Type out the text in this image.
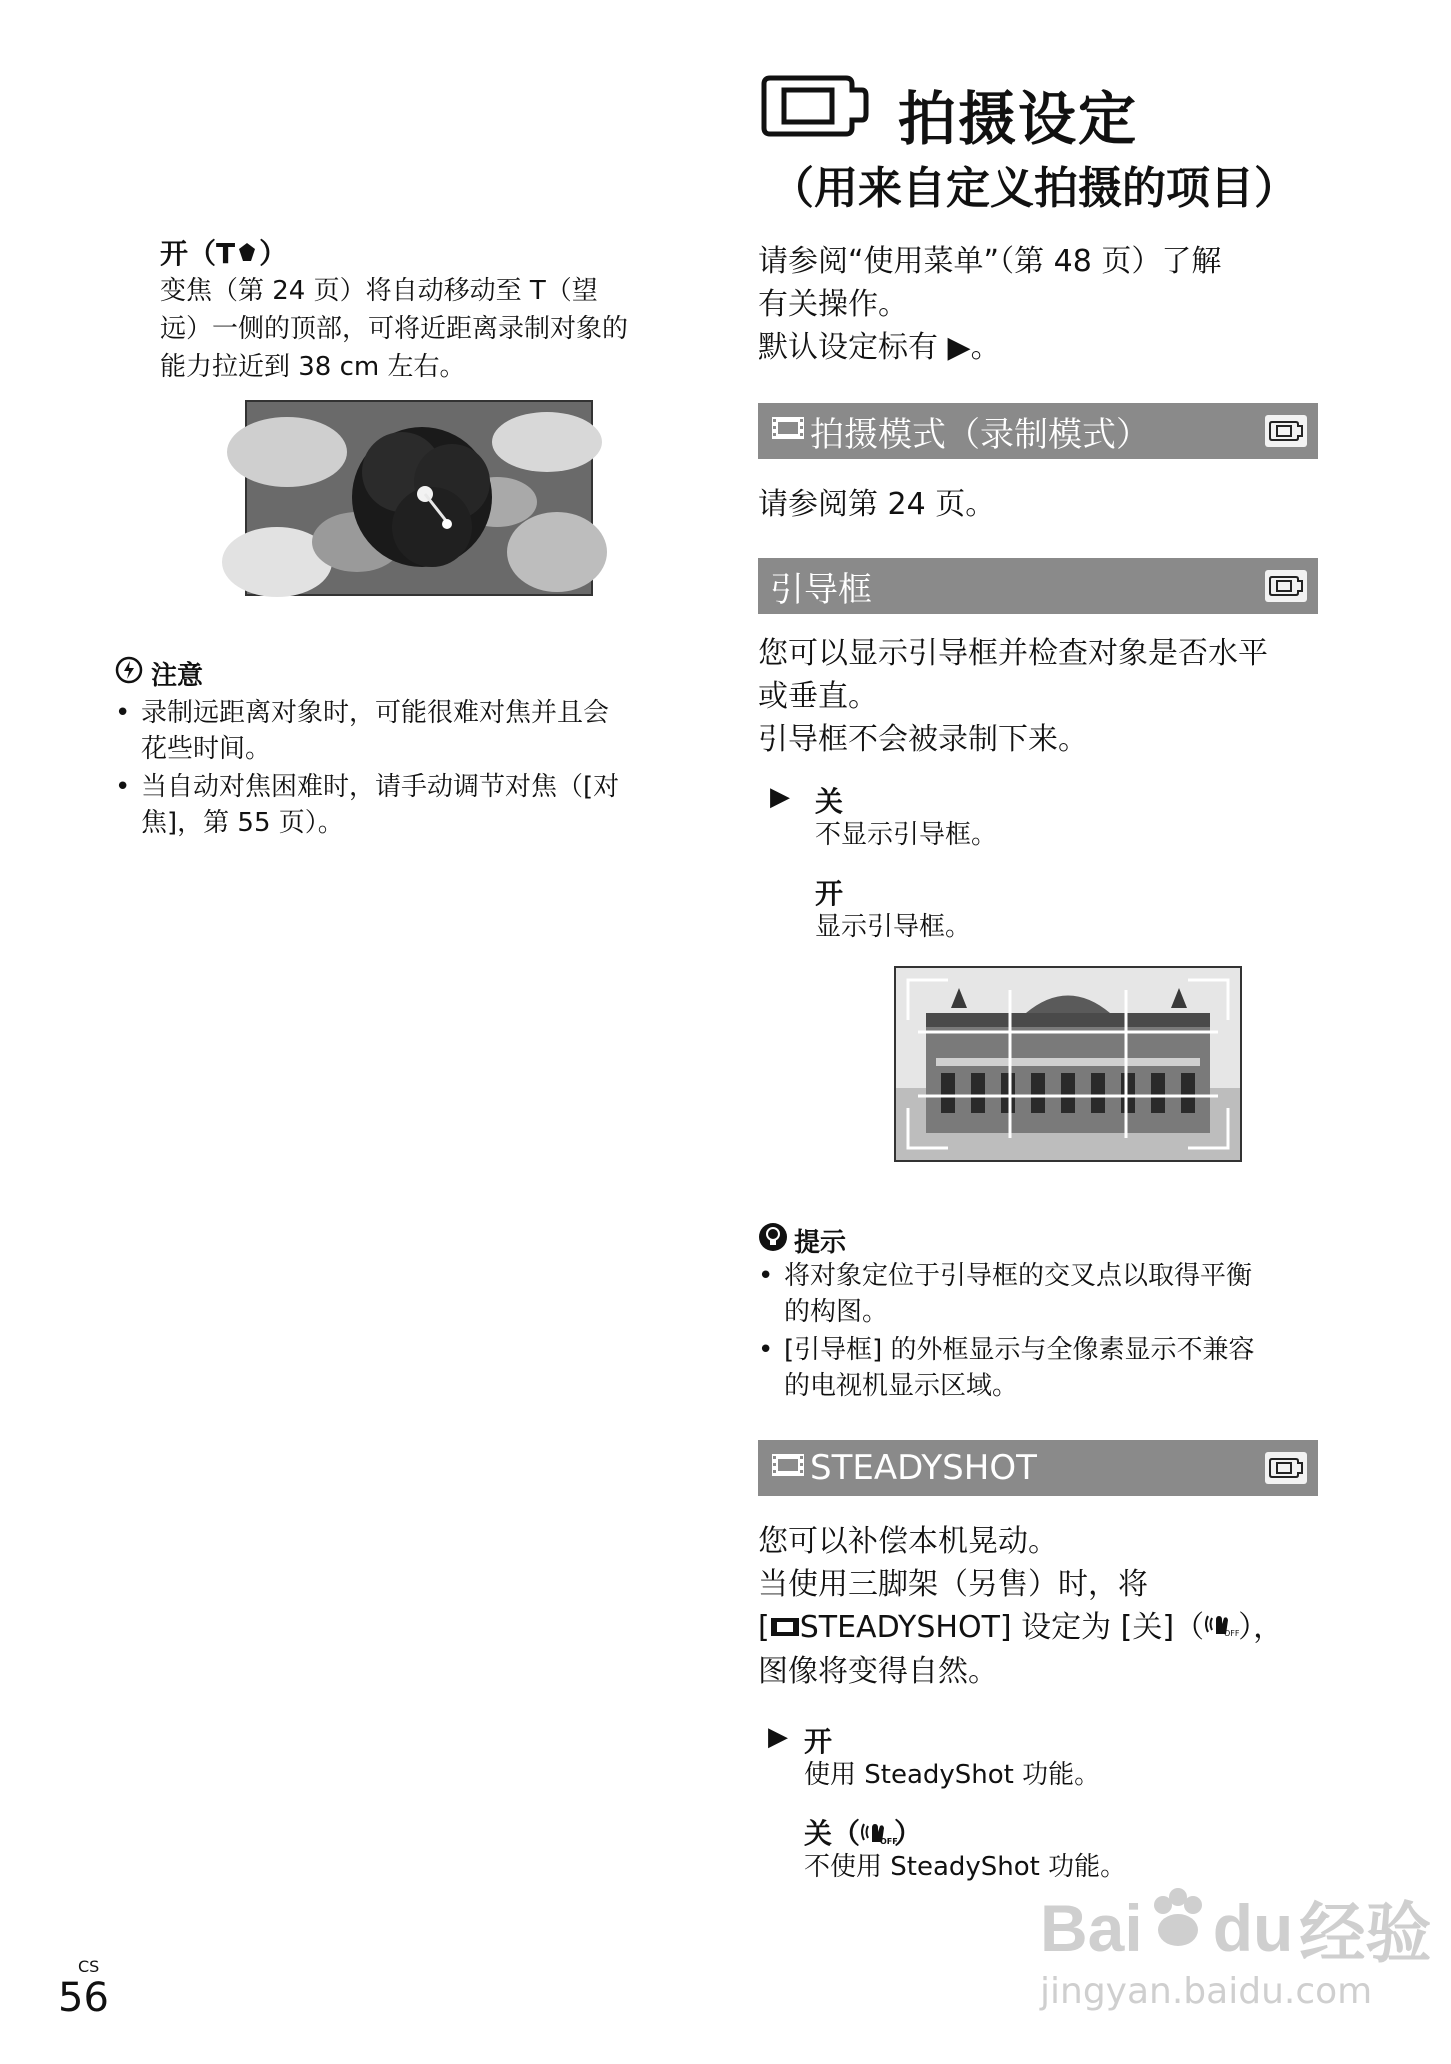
开（T ）
变焦（第 24 页）将自动移动至 T（望
远）一侧的顶部，可将近距离录制对象的
能力拉近到 38 cm 左右。
注意
• 录制远距离对象时，可能很难对焦并且会
花些时间。
• 当自动对焦困难时，请手动调节对焦（[对
焦]，第 55 页）。
拍摄设定
（用来自定义拍摄的项目）
请参阅“使用菜单”（第 48 页）了解
有关操作。
默认设定标有 ▶。
拍摄模式（录制模式）
请参阅第 24 页。
引导框
您可以显示引导框并检查对象是否水平
或垂直。
引导框不会被录制下来。
▶ 关
不显示引导框。
开
显示引导框。
提示
• 将对象定位于引导框的交叉点以取得平衡
的构图。
• [引导框] 的外框显示与全像素显示不兼容
的电视机显示区域。
STEADYSHOT
您可以补偿本机晃动。
当使用三脚架（另售）时，将
[ STEADYSHOT] 设定为 [关]（	OFF
），
图像将变得自然。
▶ 开
使用 SteadyShot 功能。
关（	OFF
）
不使用 SteadyShot 功能。
CS
56
Bai du 经验
jingyan.baidu.com
